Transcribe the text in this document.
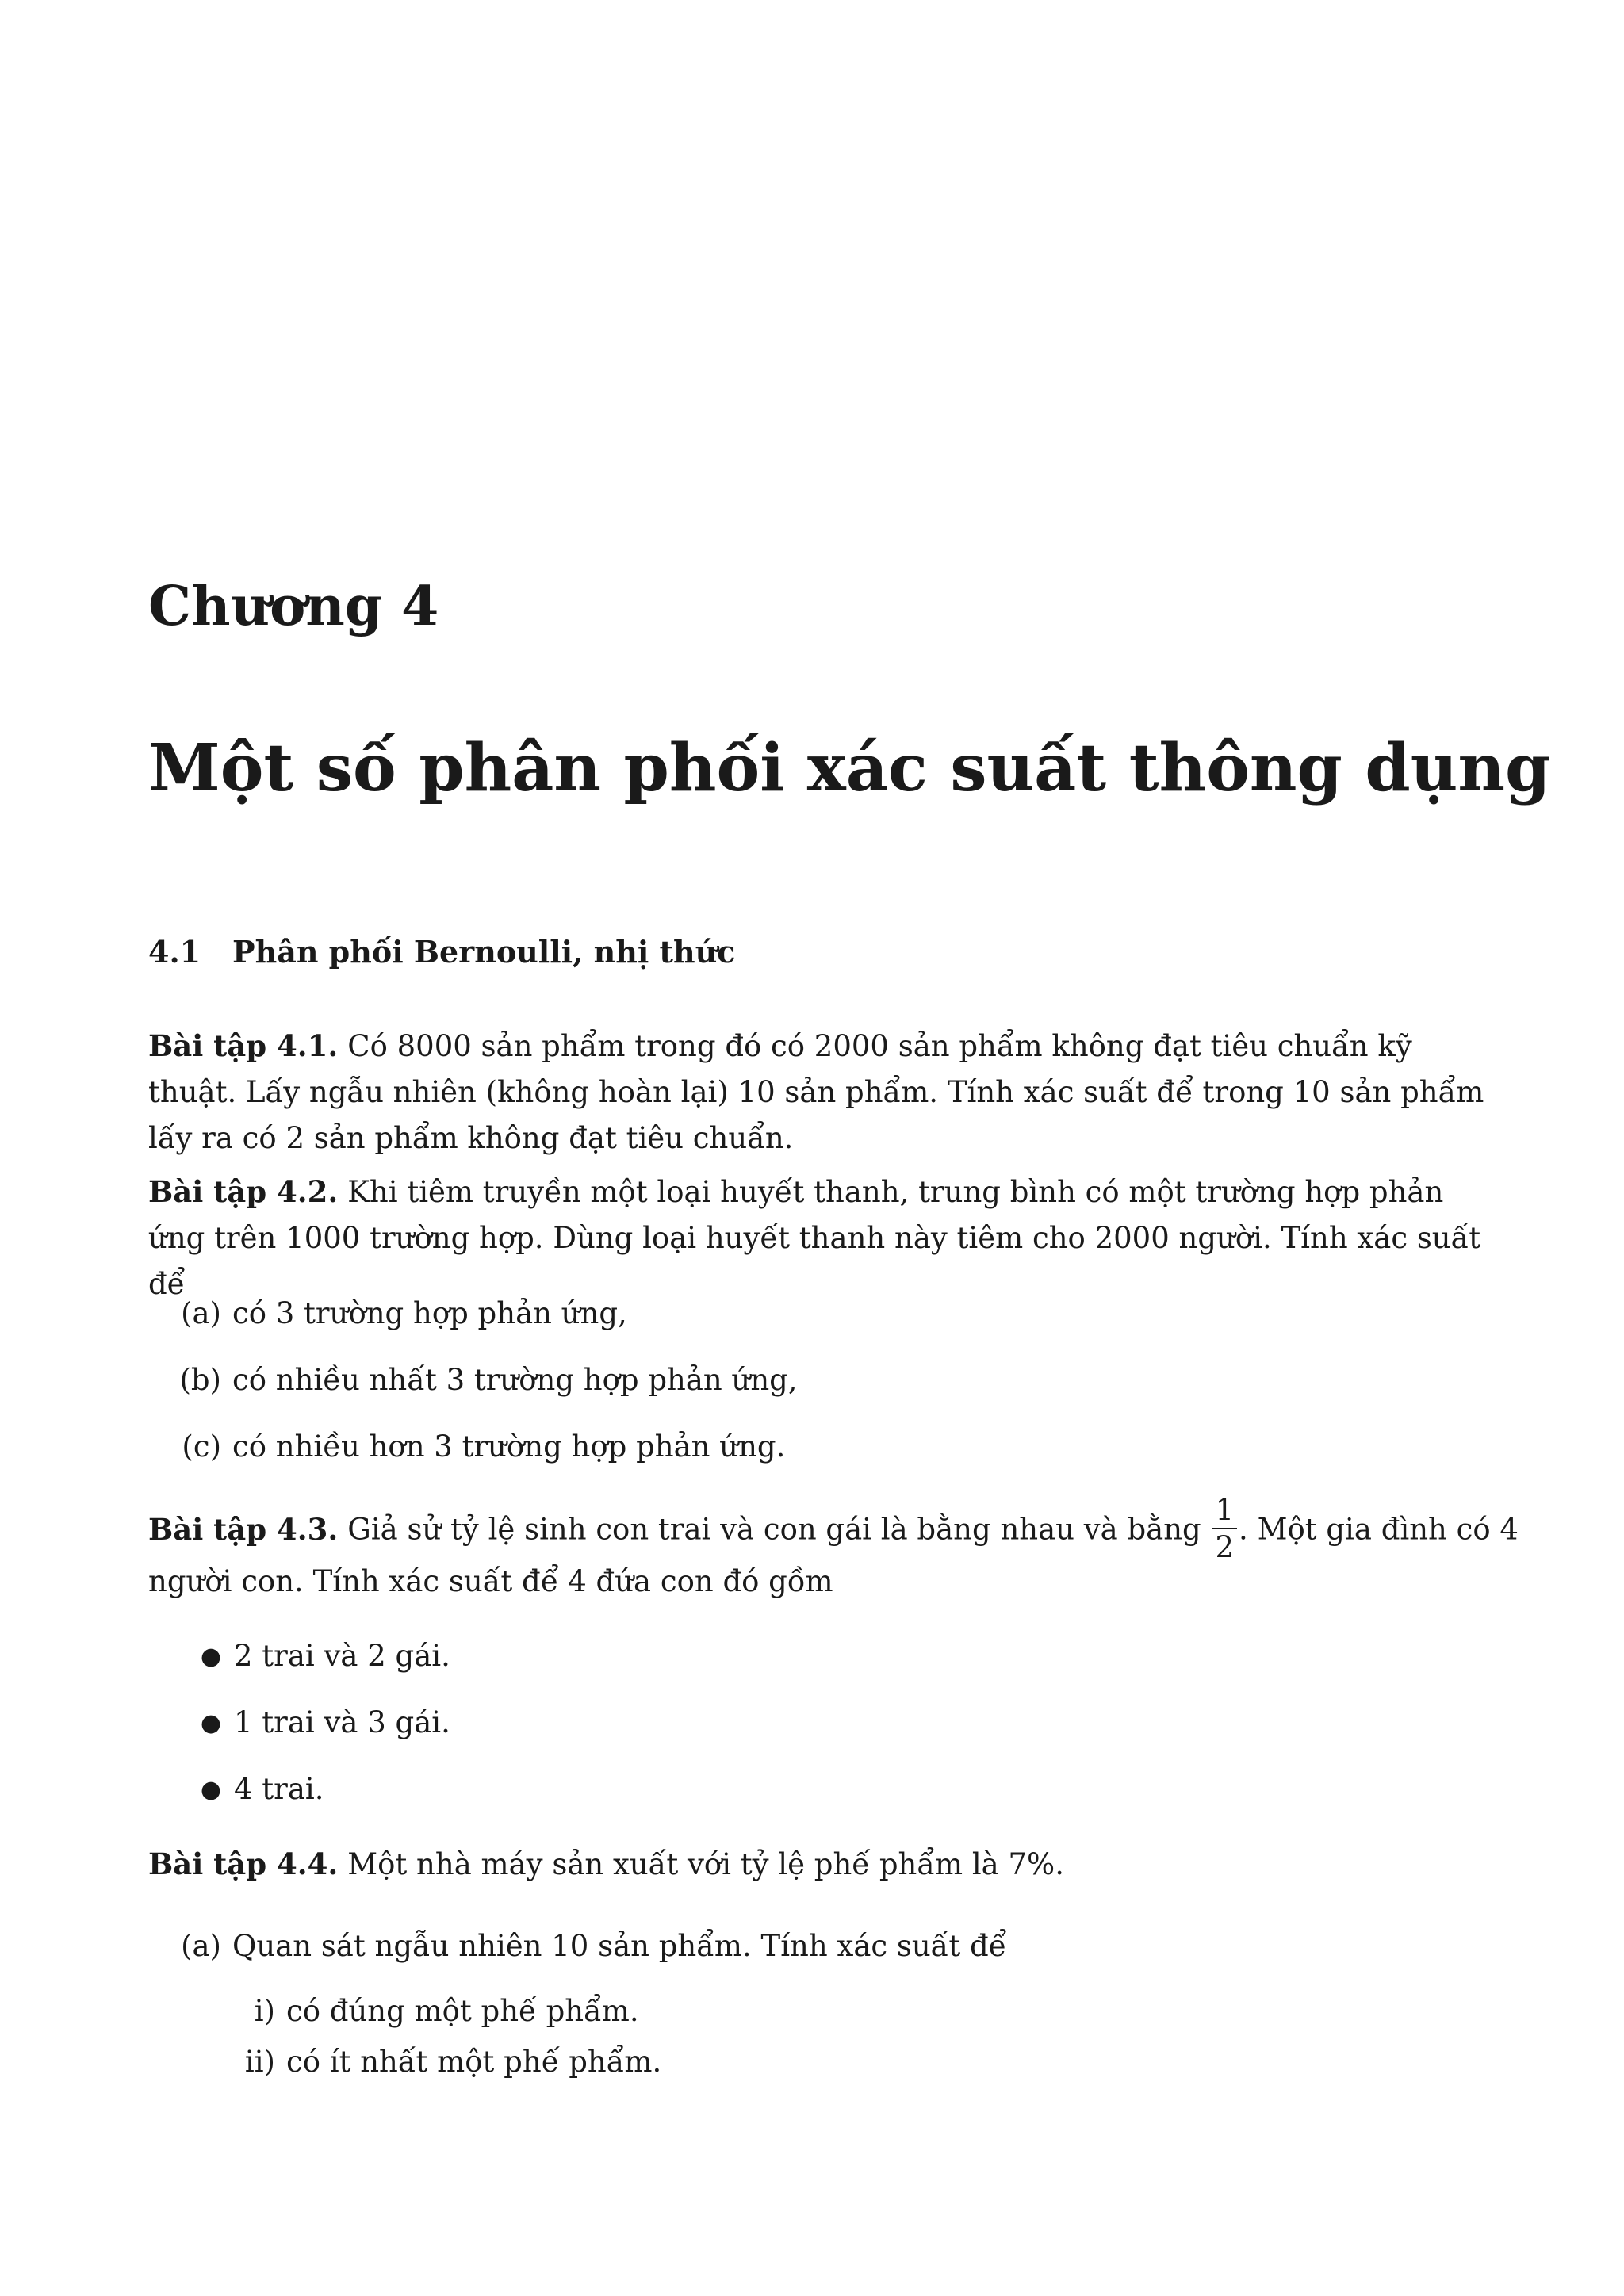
Chương 4
Một số phân phối xác suất thông dụng
4.1 Phân phối Bernoulli, nhị thức
Bài tập 4.1. Có 8000 sản phẩm trong đó có 2000 sản phẩm không đạt tiêu chuẩn kỹ thuật. Lấy ngẫu nhiên (không hoàn lại) 10 sản phẩm. Tính xác suất để trong 10 sản phẩm lấy ra có 2 sản phẩm không đạt tiêu chuẩn.
Bài tập 4.2. Khi tiêm truyền một loại huyết thanh, trung bình có một trường hợp phản ứng trên 1000 trường hợp. Dùng loại huyết thanh này tiêm cho 2000 người. Tính xác suất để
(a) có 3 trường hợp phản ứng,
(b) có nhiều nhất 3 trường hợp phản ứng,
(c) có nhiều hơn 3 trường hợp phản ứng.
Bài tập 4.3. Giả sử tỷ lệ sinh con trai và con gái là bằng nhau và bằng $\frac{1}{2}$ . Một gia đình có 4
người con. Tính xác suất để 4 đứa con đó gồm
● 2 trai và 2 gái.
● 1 trai và 3 gái.
● 4 trai.
Bài tập 4.4. Một nhà máy sản xuất với tỷ lệ phế phẩm là 7%.
(a) Quan sát ngẫu nhiên 10 sản phẩm. Tính xác suất để
i) có đúng một phế phẩm.
ii) có ít nhất một phế phẩm.
